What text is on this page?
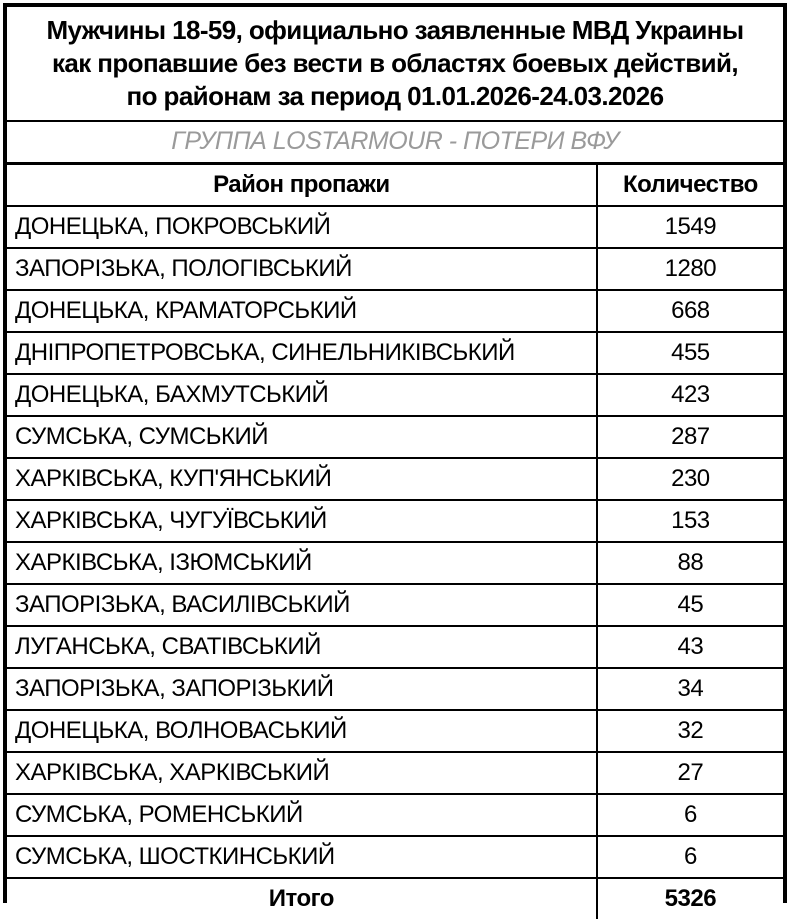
Мужчины 18-59, официально заявленные МВД Украины
как пропавшие без вести в областях боевых действий,
по районам за период 01.01.2026-24.03.2026
ГРУППА LOSTARMOUR - ПОТЕРИ ВФУ
Район пропажи	Количество
ДОНЕЦЬКА, ПОКРОВСЬКИЙ	1549
ЗАПОРІЗЬКА, ПОЛОГІВСЬКИЙ	1280
ДОНЕЦЬКА, КРАМАТОРСЬКИЙ	668
ДНІПРОПЕТРОВСЬКА, СИНЕЛЬНИКІВСЬКИЙ	455
ДОНЕЦЬКА, БАХМУТСЬКИЙ	423
СУМСЬКА, СУМСЬКИЙ	287
ХАРКІВСЬКА, КУП'ЯНСЬКИЙ	230
ХАРКІВСЬКА, ЧУГУЇВСЬКИЙ	153
ХАРКІВСЬКА, ІЗЮМСЬКИЙ	88
ЗАПОРІЗЬКА, ВАСИЛІВСЬКИЙ	45
ЛУГАНСЬКА, СВАТІВСЬКИЙ	43
ЗАПОРІЗЬКА, ЗАПОРІЗЬКИЙ	34
ДОНЕЦЬКА, ВОЛНОВАСЬКИЙ	32
ХАРКІВСЬКА, ХАРКІВСЬКИЙ	27
СУМСЬКА, РОМЕНСЬКИЙ	6
СУМСЬКА, ШОСТКИНСЬКИЙ	6
Итого	5326
